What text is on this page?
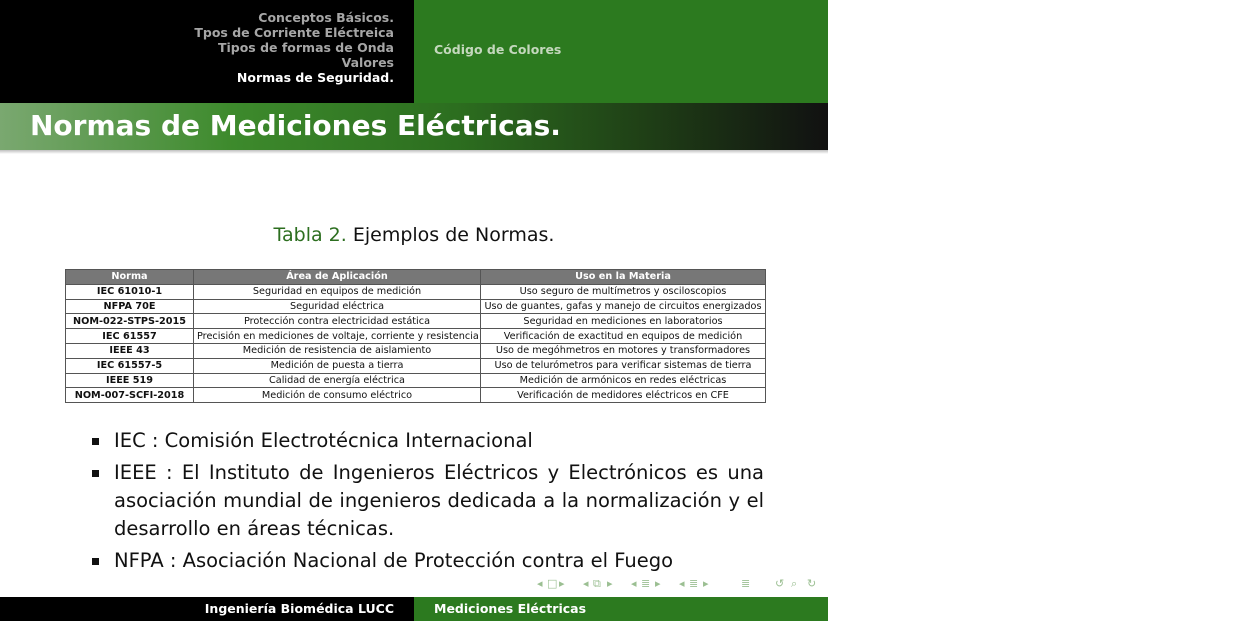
Conceptos Básicos.
Tpos de Corriente Eléctreica
Tipos de formas de Onda
Valores
Normas de Seguridad.
Código de Colores
e
Normas de Mediciones Eléctricas.
Tabla 2. Ejemplos de Normas.
Norma	Área de Aplicación	Uso en la Materia
IEC 61010-1	Seguridad en equipos de medición	Uso seguro de multímetros y osciloscopios
NFPA 70E	Seguridad eléctrica	Uso de guantes, gafas y manejo de circuitos energizados
NOM-022-STPS-2015	Protección contra electricidad estática	Seguridad en mediciones en laboratorios
IEC 61557	Precisión en mediciones de voltaje, corriente y resistencia	Verificación de exactitud en equipos de medición
IEEE 43	Medición de resistencia de aislamiento	Uso de megóhmetros en motores y transformadores
IEC 61557-5	Medición de puesta a tierra	Uso de telurómetros para verificar sistemas de tierra
IEEE 519	Calidad de energía eléctrica	Medición de armónicos en redes eléctricas
NOM-007-SCFI-2018	Medición de consumo eléctrico	Verificación de medidores eléctricos en CFE
IEC : Comisión Electrotécnica Internacional
IEEE : El Instituto de Ingenieros Eléctricos y Electrónicos es una asociación mundial de ingenieros dedicada a la normalización y el desarrollo en áreas técnicas.
NFPA : Asociación Nacional de Protección contra el Fuego
◂ □ ▸ ◂ ⧉ ▸ ◂ ≣ ▸ ◂ ≣ ▸	≣ ↺ ⌕ ↻
Ingeniería Biomédica LUCC	Mediciones Eléctricas
